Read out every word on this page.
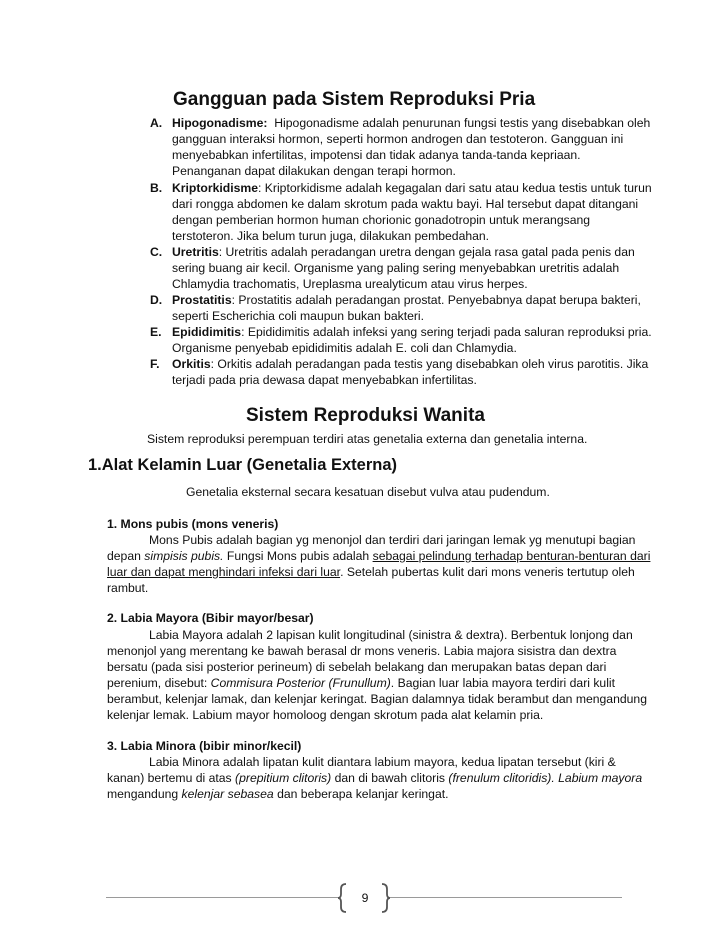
Gangguan pada Sistem Reproduksi Pria
A. Hipogonadisme:  Hipogonadisme adalah penurunan fungsi testis yang disebabkan oleh
gangguan interaksi hormon, seperti hormon androgen dan testoteron. Gangguan ini
menyebabkan infertilitas, impotensi dan tidak adanya tanda-tanda kepriaan.
Penanganan dapat dilakukan dengan terapi hormon.
B. Kriptorkidisme: Kriptorkidisme adalah kegagalan dari satu atau kedua testis untuk turun
dari rongga abdomen ke dalam skrotum pada waktu bayi. Hal tersebut dapat ditangani
dengan pemberian hormon human chorionic gonadotropin untuk merangsang
terstoteron. Jika belum turun juga, dilakukan pembedahan.
C. Uretritis: Uretritis adalah peradangan uretra dengan gejala rasa gatal pada penis dan
sering buang air kecil. Organisme yang paling sering menyebabkan uretritis adalah
Chlamydia trachomatis, Ureplasma urealyticum atau virus herpes.
D. Prostatitis: Prostatitis adalah peradangan prostat. Penyebabnya dapat berupa bakteri,
seperti Escherichia coli maupun bukan bakteri.
E. Epididimitis: Epididimitis adalah infeksi yang sering terjadi pada saluran reproduksi pria.
Organisme penyebab epididimitis adalah E. coli dan Chlamydia.
F. Orkitis: Orkitis adalah peradangan pada testis yang disebabkan oleh virus parotitis. Jika
terjadi pada pria dewasa dapat menyebabkan infertilitas.
Sistem Reproduksi Wanita
Sistem reproduksi perempuan terdiri atas genetalia externa dan genetalia interna.
1.Alat Kelamin Luar (Genetalia Externa)
Genetalia eksternal secara kesatuan disebut vulva atau pudendum.
1. Mons pubis (mons veneris)
Mons Pubis adalah bagian yg menonjol dan terdiri dari jaringan lemak yg menutupi bagian
depan simpisis pubis. Fungsi Mons pubis adalah sebagai pelindung terhadap benturan-benturan dari
luar dan dapat menghindari infeksi dari luar. Setelah pubertas kulit dari mons veneris tertutup oleh
rambut.
2. Labia Mayora (Bibir mayor/besar)
Labia Mayora adalah 2 lapisan kulit longitudinal (sinistra & dextra). Berbentuk lonjong dan
menonjol yang merentang ke bawah berasal dr mons veneris. Labia majora sisistra dan dextra
bersatu (pada sisi posterior perineum) di sebelah belakang dan merupakan batas depan dari
perenium, disebut: Commisura Posterior (Frunullum). Bagian luar labia mayora terdiri dari kulit
berambut, kelenjar lamak, dan kelenjar keringat. Bagian dalamnya tidak berambut dan mengandung
kelenjar lemak. Labium mayor homoloog dengan skrotum pada alat kelamin pria.
3. Labia Minora (bibir minor/kecil)
Labia Minora adalah lipatan kulit diantara labium mayora, kedua lipatan tersebut (kiri &
kanan) bertemu di atas (prepitium clitoris) dan di bawah clitoris (frenulum clitoridis). Labium mayora
mengandung kelenjar sebasea dan beberapa kelanjar keringat.
9
